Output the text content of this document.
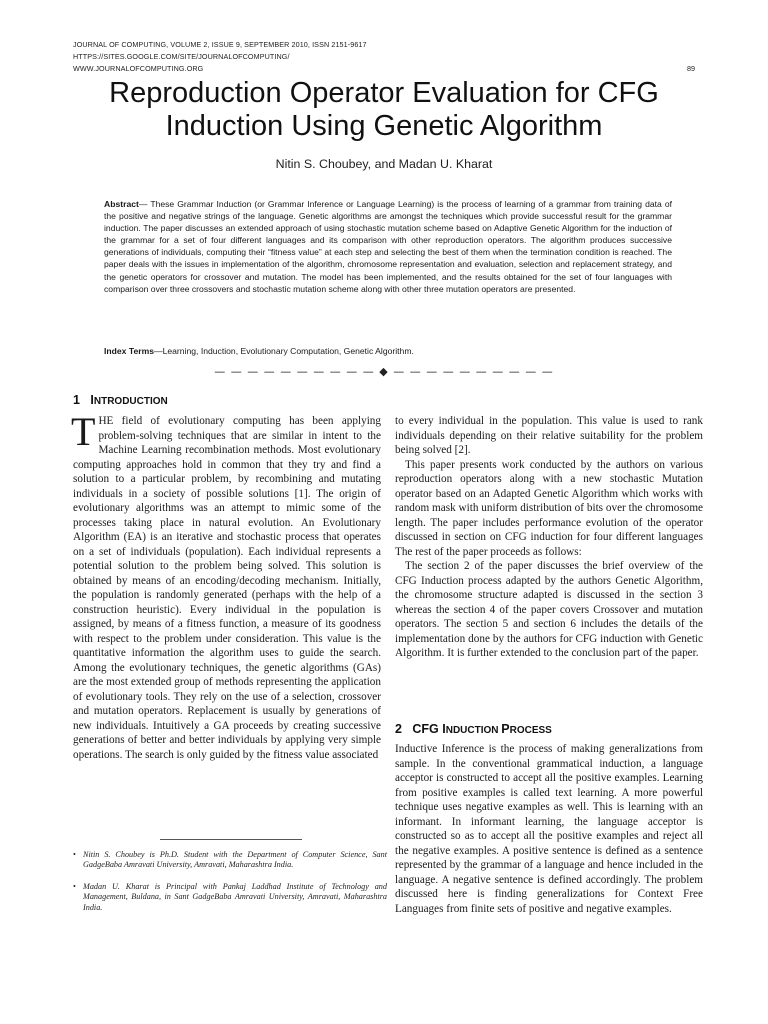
JOURNAL OF COMPUTING, VOLUME 2, ISSUE 9, SEPTEMBER 2010, ISSN 2151-9617
HTTPS://SITES.GOOGLE.COM/SITE/JOURNALOFCOMPUTING/
WWW.JOURNALOFCOMPUTING.ORG	89
Reproduction Operator Evaluation for CFG Induction Using Genetic Algorithm
Nitin S. Choubey, and Madan U. Kharat
Abstract— These Grammar Induction (or Grammar Inference or Language Learning) is the process of learning of a grammar from training data of the positive and negative strings of the language. Genetic algorithms are amongst the techniques which provide successful result for the grammar induction. The paper discusses an extended approach of using stochastic mutation scheme based on Adaptive Genetic Algorithm for the induction of the grammar for a set of four different languages and its comparison with other reproduction operators. The algorithm produces successive generations of individuals, computing their “fitness value” at each step and selecting the best of them when the termination condition is reached. The paper deals with the issues in implementation of the algorithm, chromosome representation and evaluation, selection and replacement strategy, and the genetic operators for crossover and mutation. The model has been implemented, and the results obtained for the set of four languages with comparison over three crossovers and stochastic mutation scheme along with other three mutation operators are presented.
Index Terms—Learning, Induction, Evolutionary Computation, Genetic Algorithm.
— — — — — — — — — — ◆ — — — — — — — — — —
1 INTRODUCTION

THE field of evolutionary computing has been applying problem-solving techniques that are similar in intent to the Machine Learning recombination methods. Most evolutionary computing approaches hold in common that they try and find a solution to a particular problem, by recombining and mutating individuals in a society of possible solutions [1]. The origin of evolutionary algorithms was an attempt to mimic some of the processes taking place in natural evolution. An Evolutionary Algorithm (EA) is an iterative and stochastic process that operates on a set of individuals (population). Each individual represents a potential solution to the problem being solved. This solution is obtained by means of an encoding/decoding mechanism. Initially, the population is randomly generated (perhaps with the help of a construction heuristic). Every individual in the population is assigned, by means of a fitness function, a measure of its goodness with respect to the problem under consideration. This value is the quantitative information the algorithm uses to guide the search. Among the evolutionary techniques, the genetic algorithms (GAs) are the most extended group of methods representing the application of evolutionary tools. They rely on the use of a selection, crossover and mutation operators. Replacement is usually by generations of new individuals. Intuitively a GA proceeds by creating successive generations of better and better individuals by applying very simple operations. The search is only guided by the fitness value associated

to every individual in the population. This value is used to rank individuals depending on their relative suitability for the problem being solved [2].

This paper presents work conducted by the authors on various reproduction operators along with a new stochastic Mutation operator based on an Adapted Genetic Algorithm which works with random mask with uniform distribution of bits over the chromosome length. The paper includes performance evolution of the operator discussed in section on CFG induction for four different languages The rest of the paper proceeds as follows:

The section 2 of the paper discusses the brief overview of the CFG Induction process adapted by the authors Genetic Algorithm, the chromosome structure adapted is discussed in the section 3 whereas the section 4 of the paper covers Crossover and mutation operators. The section 5 and section 6 includes the details of the implementation done by the authors for CFG induction with Genetic Algorithm. It is further extended to the conclusion part of the paper.

2 CFG INDUCTION PROCESS

Inductive Inference is the process of making generalizations from sample. In the conventional grammatical induction, a language acceptor is constructed to accept all the positive examples. Learning from positive examples is called text learning. A more powerful technique uses negative examples as well. This is learning with an informant. In informant learning, the language acceptor is constructed so as to accept all the positive examples and reject all the negative examples. A positive sentence is defined as a sentence represented by the grammar of a language and hence included in the language. A negative sentence is defined accordingly. The problem discussed here is finding generalizations for Context Free Languages from finite sets of positive and negative examples.

• Nitin S. Choubey is Ph.D. Student with the Department of Computer Science, Sant GadgeBaba Amravati University, Amravati, Maharashtra India.
• Madan U. Kharat is Principal with Pankaj Laddhad Institute of Technology and Management, Buldana, in Sant GadgeBaba Amravati University, Amravati, Maharashtra India.
